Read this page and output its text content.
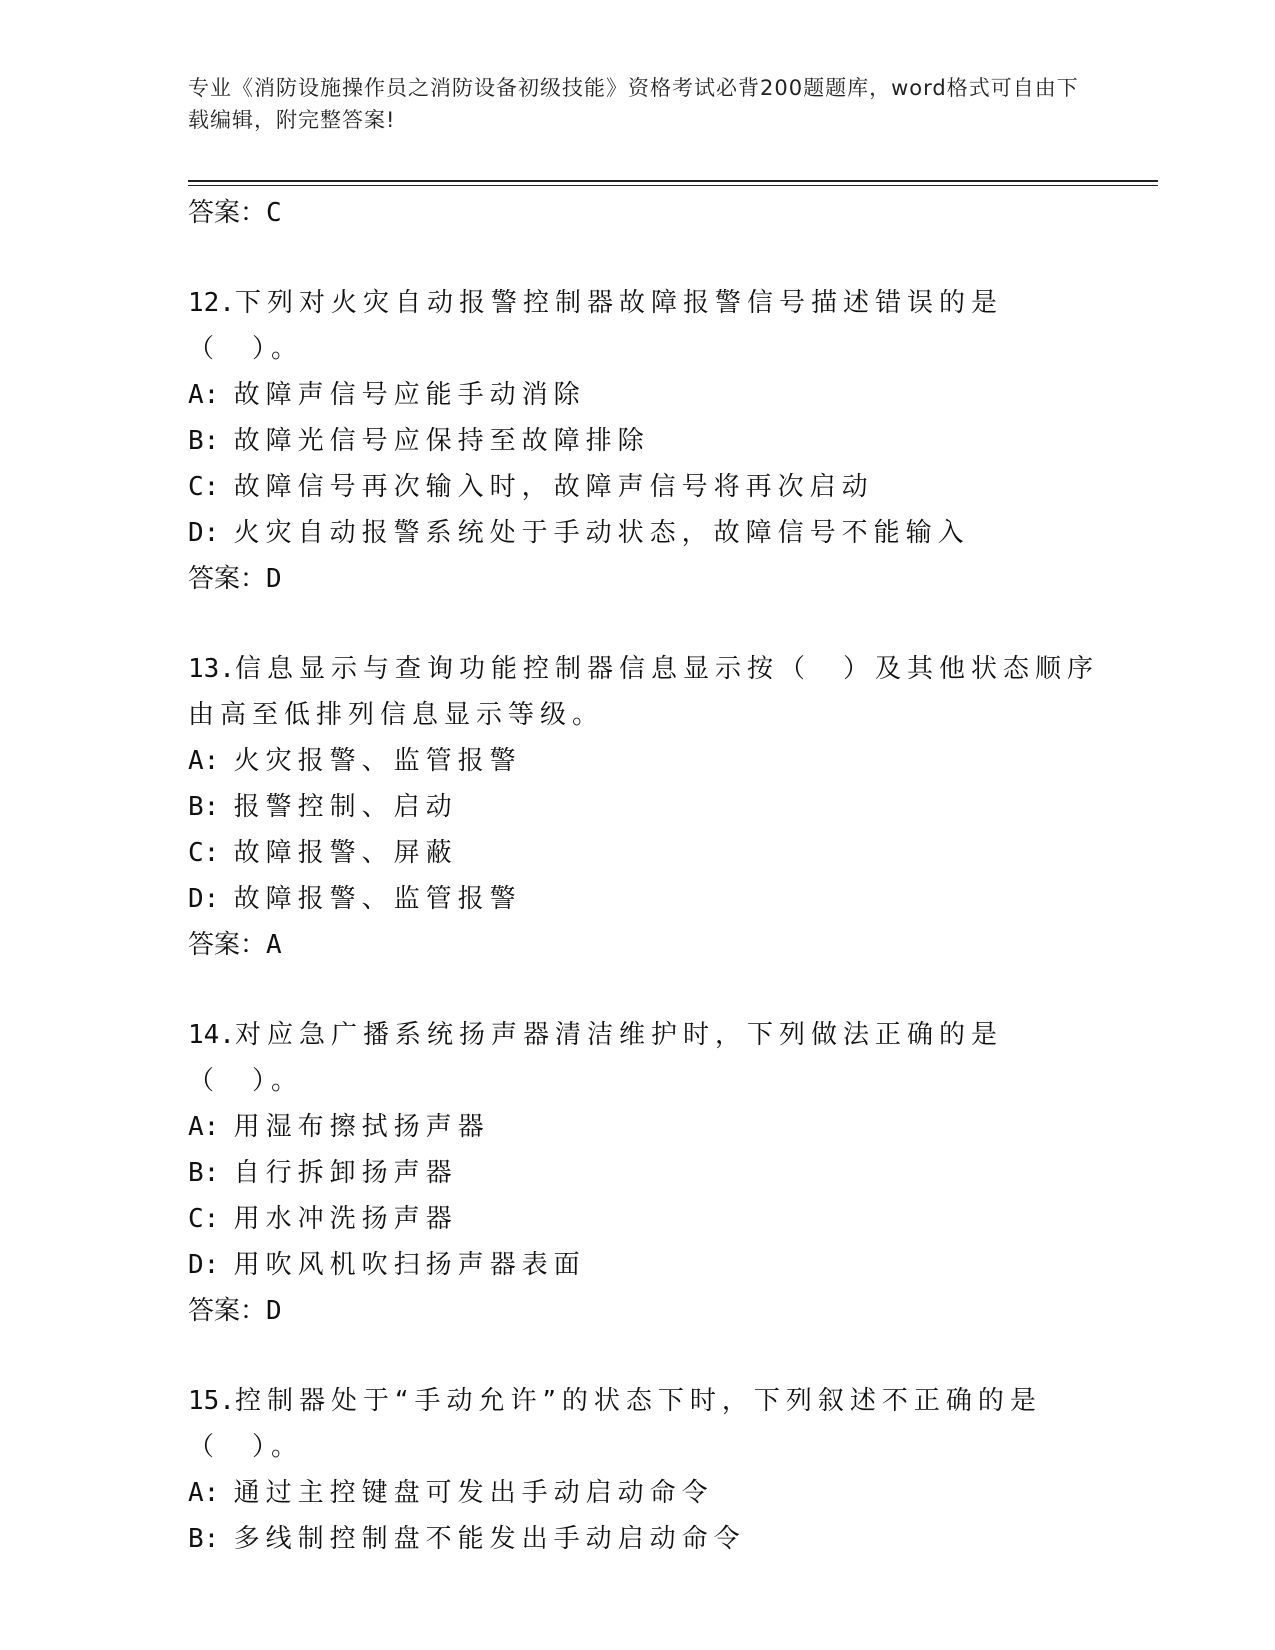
专业《消防设施操作员之消防设备初级技能》资格考试必背200题题库，word格式可自由下载编辑，附完整答案!
答案：C
12.下列对火灾自动报警控制器故障报警信号描述错误的是（　）。
A: 故障声信号应能手动消除
B: 故障光信号应保持至故障排除
C: 故障信号再次输入时，故障声信号将再次启动
D: 火灾自动报警系统处于手动状态，故障信号不能输入
答案：D
13.信息显示与查询功能控制器信息显示按（　）及其他状态顺序由高至低排列信息显示等级。
A: 火灾报警、监管报警
B: 报警控制、启动
C: 故障报警、屏蔽
D: 故障报警、监管报警
答案：A
14.对应急广播系统扬声器清洁维护时，下列做法正确的是（　）。
A: 用湿布擦拭扬声器
B: 自行拆卸扬声器
C: 用水冲洗扬声器
D: 用吹风机吹扫扬声器表面
答案：D
15.控制器处于“手动允许”的状态下时，下列叙述不正确的是（　）。
A: 通过主控键盘可发出手动启动命令
B: 多线制控制盘不能发出手动启动命令
